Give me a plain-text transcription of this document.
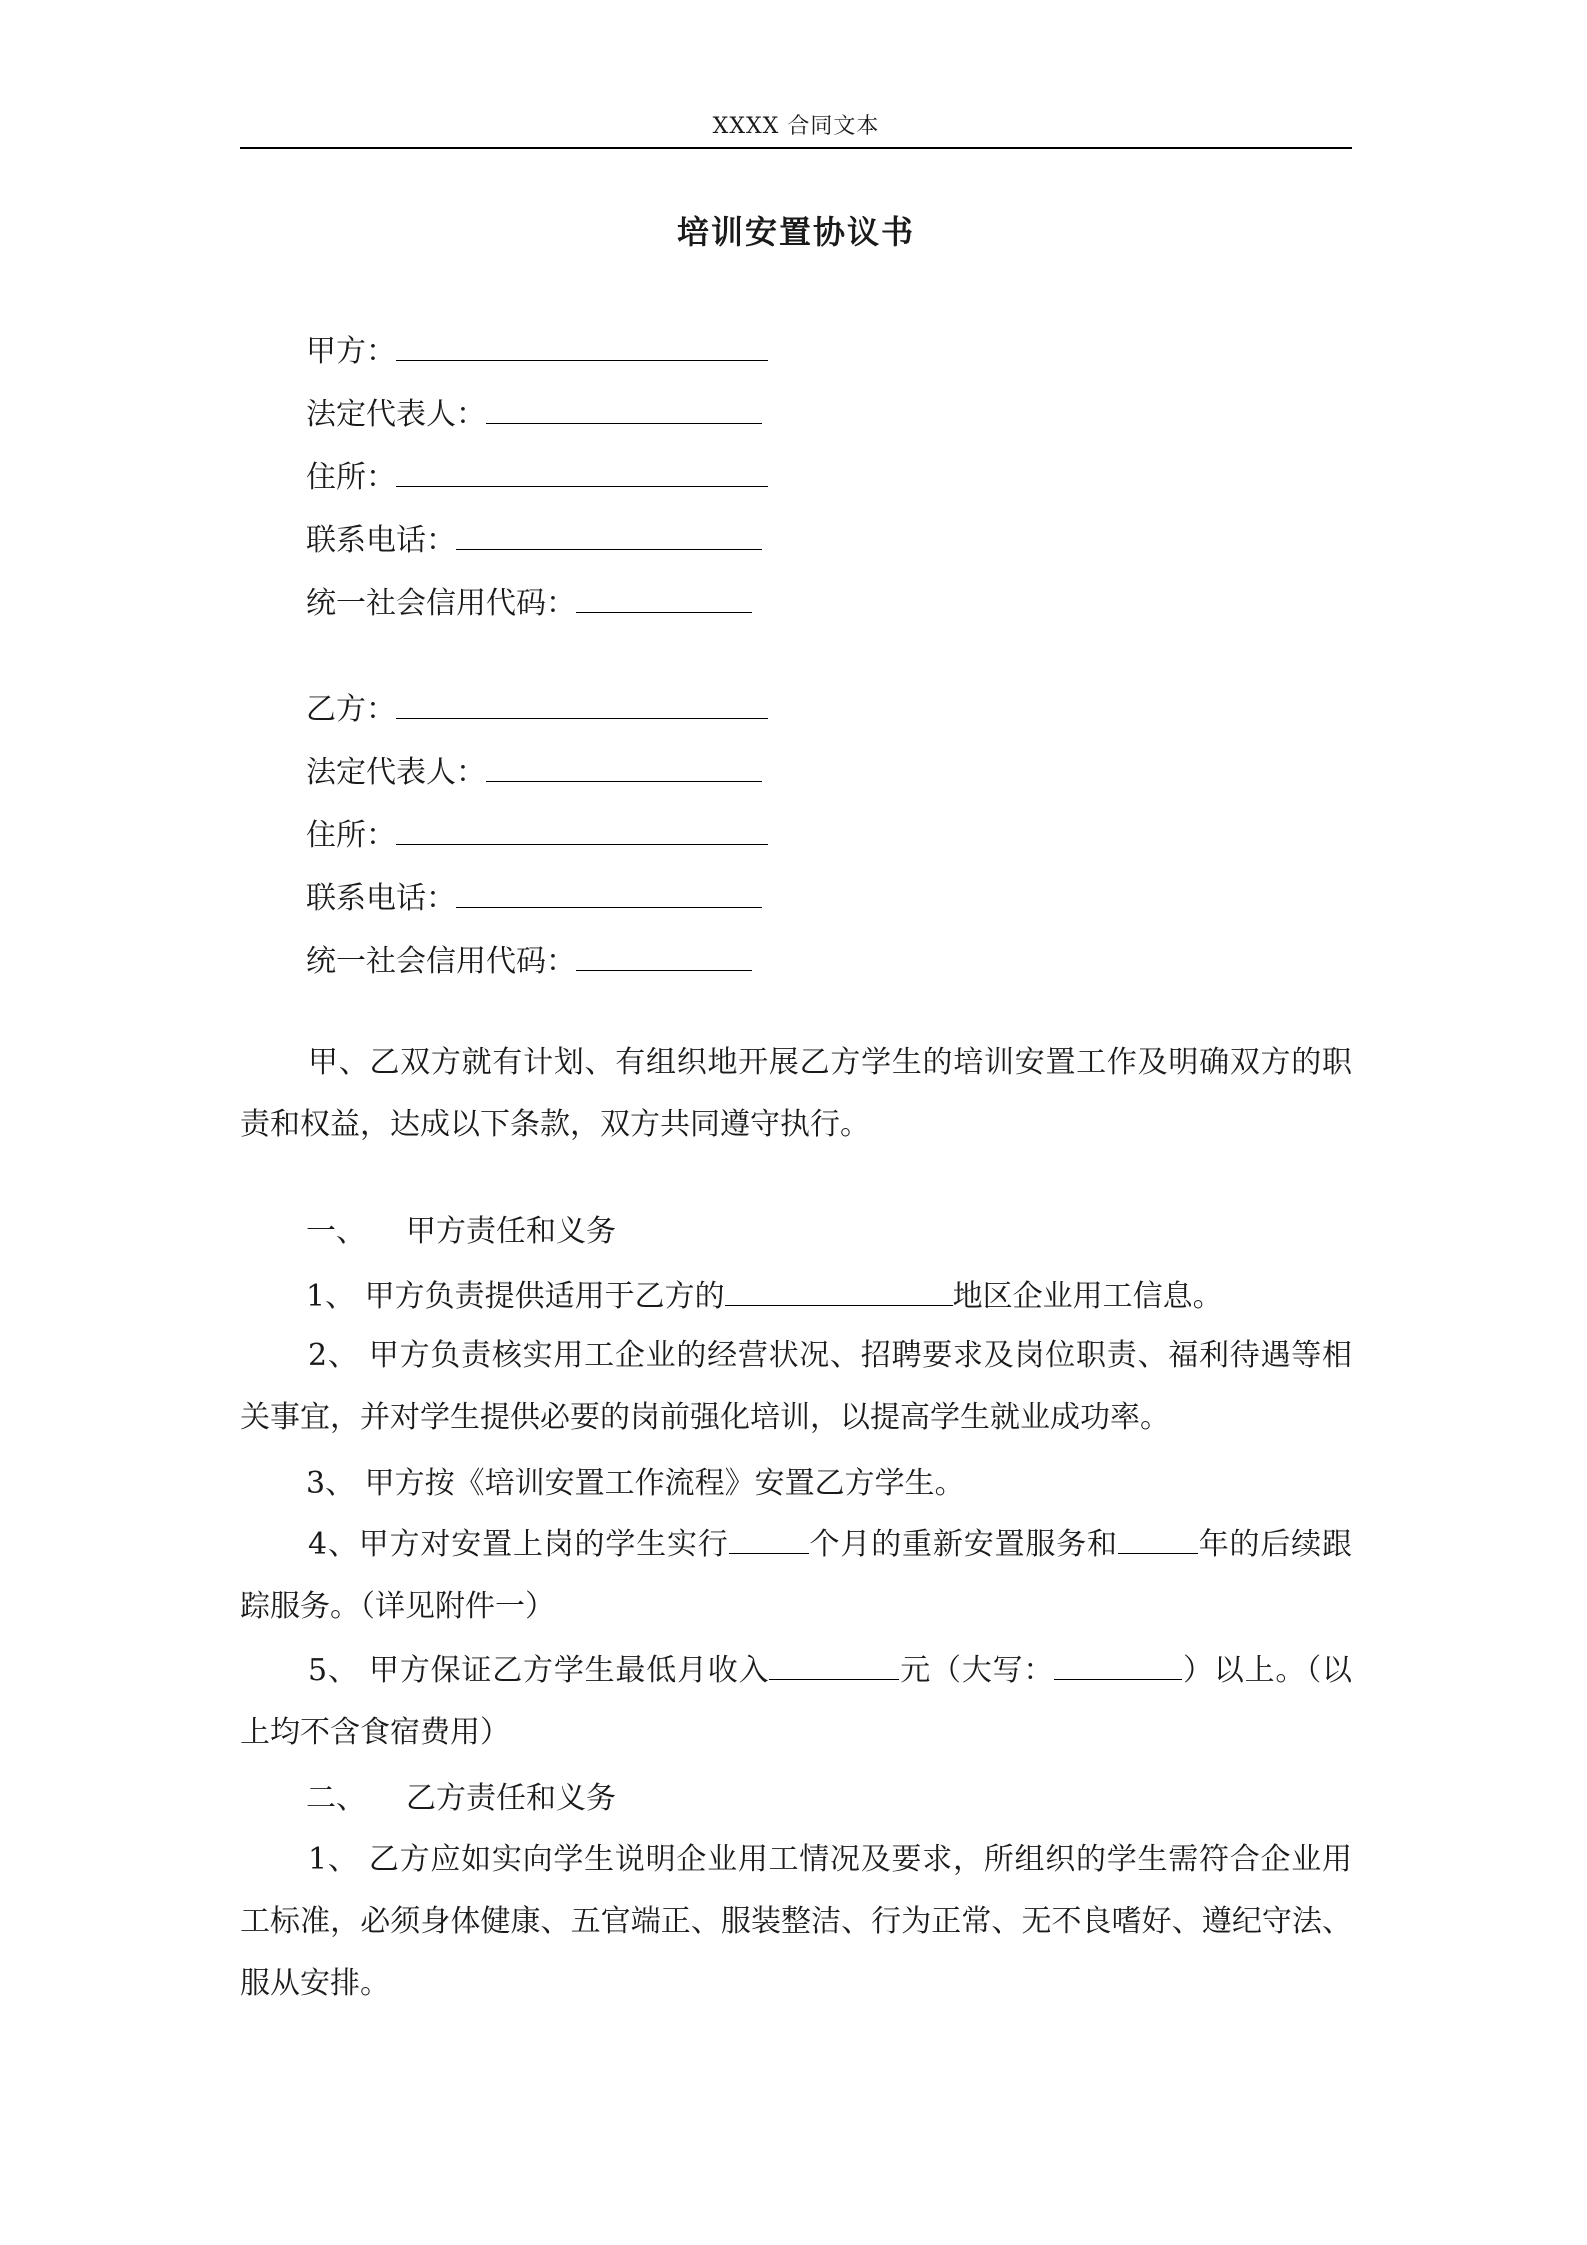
XXXX 合同文本
培训安置协议书
甲方：
法定代表人：
住所：
联系电话：
统一社会信用代码：
乙方：
法定代表人：
住所：
联系电话：
统一社会信用代码：
甲、乙双方就有计划、有组织地开展乙方学生的培训安置工作及明确双方的职责和权益，达成以下条款，双方共同遵守执行。
一、 甲方责任和义务
1、 甲方负责提供适用于乙方的	地区企业用工信息。
2、 甲方负责核实用工企业的经营状况、招聘要求及岗位职责、福利待遇等相关事宜，并对学生提供必要的岗前强化培训，以提高学生就业成功率。
3、 甲方按《培训安置工作流程》安置乙方学生。
4、甲方对安置上岗的学生实行	个月的重新安置服务和	年的后续跟踪服务。（详见附件一）
5、 甲方保证乙方学生最低月收入	元（大写：	）以上。（以上均不含食宿费用）
二、 乙方责任和义务
1、 乙方应如实向学生说明企业用工情况及要求，所组织的学生需符合企业用工标准，必须身体健康、五官端正、服装整洁、行为正常、无不良嗜好、遵纪守法、服从安排。
